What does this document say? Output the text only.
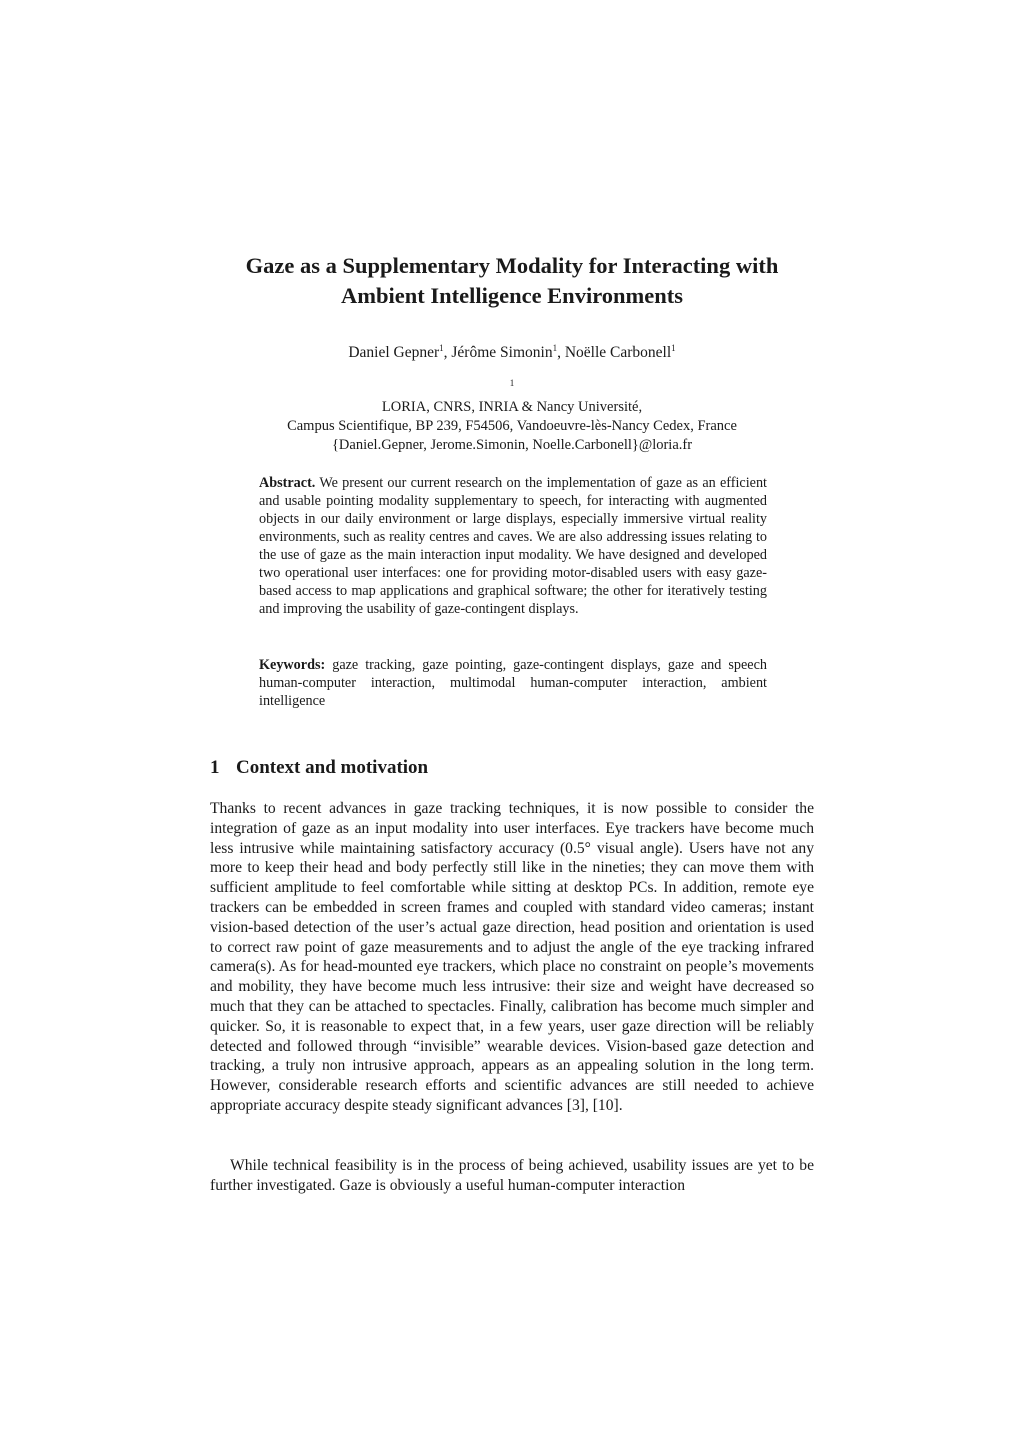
Gaze as a Supplementary Modality for Interacting with
Ambient Intelligence Environments
Daniel Gepner$^1$, Jérôme Simonin$^1$, Noëlle Carbonell$^1$
$^1$
LORIA, CNRS, INRIA & Nancy Université,
Campus Scientifique, BP 239, F54506, Vandoeuvre-lès-Nancy Cedex, France
{Daniel.Gepner, Jerome.Simonin, Noelle.Carbonell}@loria.fr

Abstract. We present our current research on the implementation of gaze as an efficient and usable pointing modality supplementary to speech, for interacting with augmented objects in our daily environment or large displays, especially immersive virtual reality environments, such as reality centres and caves. We are also addressing issues relating to the use of gaze as the main interaction input modality. We have designed and developed two operational user interfaces: one for providing motor-disabled users with easy gaze-based access to map applications and graphical software; the other for iteratively testing and improving the usability of gaze-contingent displays.

Keywords: gaze tracking, gaze pointing, gaze-contingent displays, gaze and speech human-computer interaction, multimodal human-computer interaction, ambient intelligence

1 Context and motivation

Thanks to recent advances in gaze tracking techniques, it is now possible to consider the integration of gaze as an input modality into user interfaces. Eye trackers have become much less intrusive while maintaining satisfactory accuracy (0.5° visual angle). Users have not any more to keep their head and body perfectly still like in the nineties; they can move them with sufficient amplitude to feel comfortable while sitting at desktop PCs. In addition, remote eye trackers can be embedded in screen frames and coupled with standard video cameras; instant vision-based detection of the user’s actual gaze direction, head position and orientation is used to correct raw point of gaze measurements and to adjust the angle of the eye tracking infrared camera(s). As for head-mounted eye trackers, which place no constraint on people’s movements and mobility, they have become much less intrusive: their size and weight have decreased so much that they can be attached to spectacles. Finally, calibration has become much simpler and quicker. So, it is reasonable to expect that, in a few years, user gaze direction will be reliably detected and followed through “invisible” wearable devices. Vision-based gaze detection and tracking, a truly non intrusive approach, appears as an appealing solution in the long term. However, considerable research efforts and scientific advances are still needed to achieve appropriate accuracy despite steady significant advances [3], [10].

While technical feasibility is in the process of being achieved, usability issues are yet to be further investigated. Gaze is obviously a useful human-computer interaction
